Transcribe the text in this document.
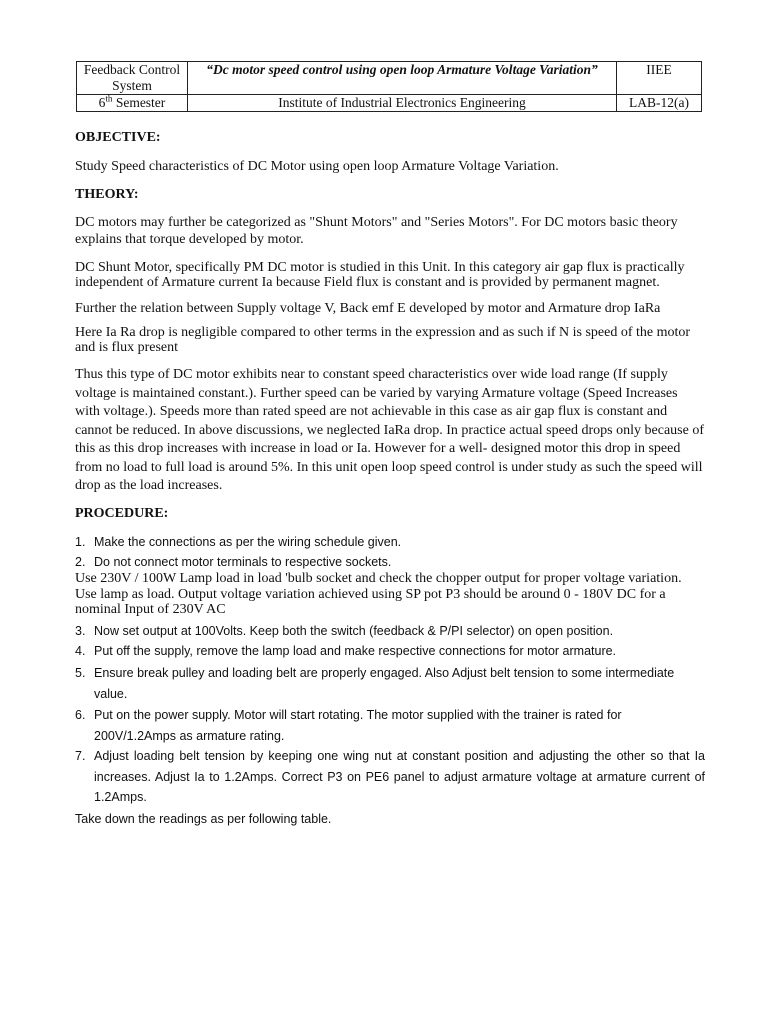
Feedback Control System	“Dc motor speed control using open loop Armature Voltage Variation”	IIEE
6th Semester	Institute of Industrial Electronics Engineering	LAB-12(a)
OBJECTIVE:
Study Speed characteristics of DC Motor using open loop Armature Voltage Variation.
THEORY:
DC motors may further be categorized as "Shunt Motors" and "Series Motors". For DC motors basic theory explains that torque developed by motor.
DC Shunt Motor, specifically PM DC motor is studied in this Unit. In this category air gap flux is practically independent of Armature current Ia because Field flux is constant and is provided by permanent magnet.
Further the relation between Supply voltage V, Back emf E developed by motor and Armature drop IaRa
Here Ia Ra drop is negligible compared to other terms in the expression and as such if N is speed of the motor and is flux present
Thus this type of DC motor exhibits near to constant speed characteristics over wide load range (If supply voltage is maintained constant.). Further speed can be varied by varying Armature voltage (Speed Increases with voltage.). Speeds more than rated speed are not achievable in this case as air gap flux is constant and cannot be reduced. In above discussions, we neglected IaRa drop. In practice actual speed drops only because of this as this drop increases with increase in load or Ia. However for a well- designed motor this drop in speed from no load to full load is around 5%. In this unit open loop speed control is under study as such the speed will drop as the load increases.
PROCEDURE:
1. Make the connections as per the wiring schedule given.
2. Do not connect motor terminals to respective sockets.
Use 230V / 100W Lamp load in load 'bulb socket and check the chopper output for proper voltage variation. Use lamp as load. Output voltage variation achieved using SP pot P3 should be around 0 - 180V DC for a nominal Input of 230V AC
3. Now set output at 100Volts. Keep both the switch (feedback & P/PI selector) on open position.
4. Put off the supply, remove the lamp load and make respective connections for motor armature.
5. Ensure break pulley and loading belt are properly engaged. Also Adjust belt tension to some intermediate value.
6. Put on the power supply. Motor will start rotating. The motor supplied with the trainer is rated for 200V/1.2Amps as armature rating.
7. Adjust loading belt tension by keeping one wing nut at constant position and adjusting the other so that Ia increases. Adjust Ia to 1.2Amps. Correct P3 on PE6 panel to adjust armature voltage at armature current of 1.2Amps.
Take down the readings as per following table.
